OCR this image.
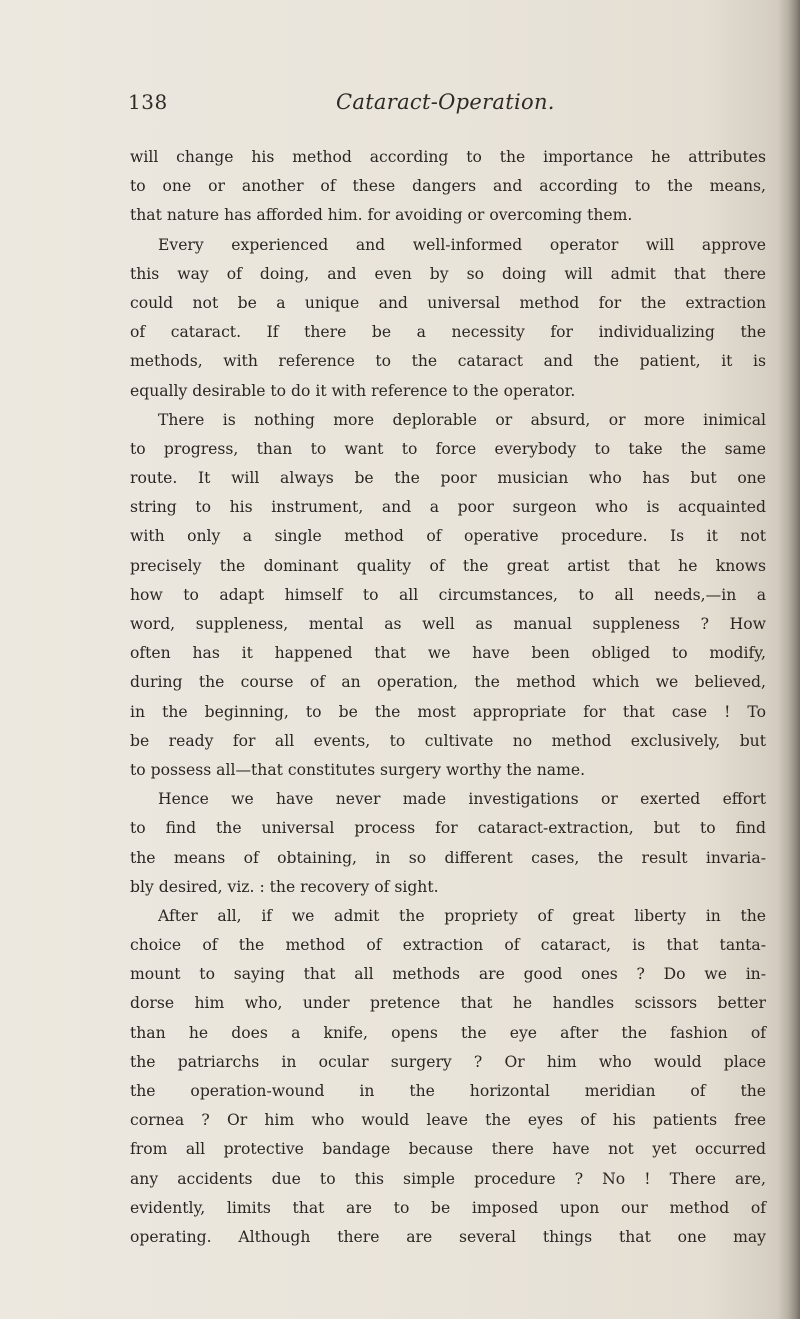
138	Cataract-Operation.
will change his method according to the importance he attributes
to one or another of these dangers and according to the means,
that nature has afforded him. for avoiding or overcoming them.
Every experienced and well-informed operator will approve
this way of doing, and even by so doing will admit that there
could not be a unique and universal method for the extraction
of cataract. If there be a necessity for individualizing the
methods, with reference to the cataract and the patient, it is
equally desirable to do it with reference to the operator.
There is nothing more deplorable or absurd, or more inimical
to progress, than to want to force everybody to take the same
route. It will always be the poor musician who has but one
string to his instrument, and a poor surgeon who is acquainted
with only a single method of operative procedure. Is it not
precisely the dominant quality of the great artist that he knows
how to adapt himself to all circumstances, to all needs,—in a
word, suppleness, mental as well as manual suppleness ? How
often has it happened that we have been obliged to modify,
during the course of an operation, the method which we believed,
in the beginning, to be the most appropriate for that case ! To
be ready for all events, to cultivate no method exclusively, but
to possess all—that constitutes surgery worthy the name.
Hence we have never made investigations or exerted effort
to find the universal process for cataract-extraction, but to find
the means of obtaining, in so different cases, the result invaria-
bly desired, viz. : the recovery of sight.
After all, if we admit the propriety of great liberty in the
choice of the method of extraction of cataract, is that tanta-
mount to saying that all methods are good ones ? Do we in-
dorse him who, under pretence that he handles scissors better
than he does a knife, opens the eye after the fashion of
the patriarchs in ocular surgery ? Or him who would place
the operation-wound in the horizontal meridian of the
cornea ? Or him who would leave the eyes of his patients free
from all protective bandage because there have not yet occurred
any accidents due to this simple procedure ? No ! There are,
evidently, limits that are to be imposed upon our method of
operating. Although there are several things that one may
